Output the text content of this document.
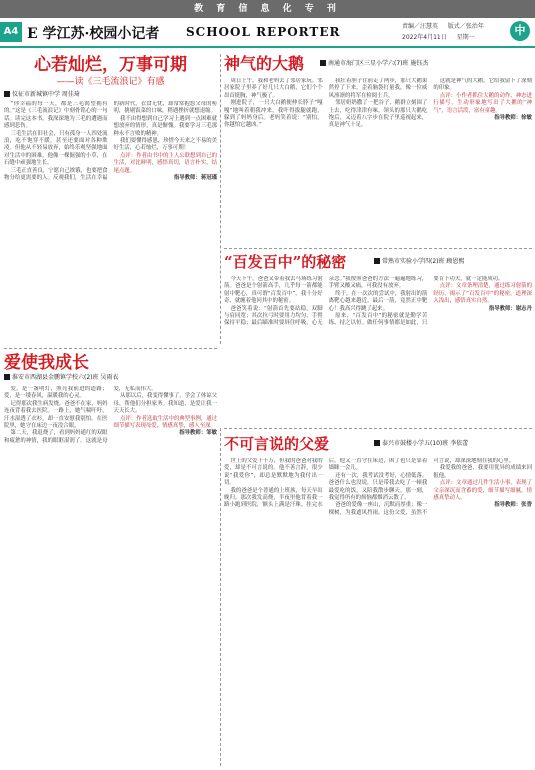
教 育 信 息 化 专 刊
A4 E 学江苏·校园小记者 SCHOOL REPORTER	责编／汪慧英 版式／张治年
2022年4月11日 星期一
中
心若灿烂，万事可期
——读《三毛流浪记》有感
仪征市新城镇中学 周佳琦

“你幸福的每一天，都是三毛渴望拥有的。”这是《三毛流浪记》中刻骨铭心的一句话。读完这本书，我深深地为三毛的遭遇而感到悲伤。

三毛生活在旧社会，只有孤身一人四处流浪，吃不饱穿不暖，甚至还要面对各种欺凌。但他从不轻易放弃，始终乐观坚强地面对生活中的困难。他像一棵倔强的小草，在石缝中顽强地生长。

三毛正直善良，宁愿自己挨饿，也要把食物分给更需要的人。反观我们，生活在幸福的新时代，衣食无忧，却常常抱怨父母的唠叨，挑剔饭菜的口味，稍遇挫折就想退缩。

我不由得想到自己学习上遇到一点困难就想放弃的情形，真是惭愧。我要学习三毛那种永不言败的精神。

我们要懂得感恩，珍惜今天来之不易的美好生活，心若灿烂，万事可期！

点评：作者由书中的主人公联想到自己的生活，对比鲜明，感悟真切，语言朴实，结尾点题。

指导教师：蒋冠瑾

神气的大鹅	南通市海门区三星小学六(7)班 施钰杰

周日上午，我和老妈去了邻居家玩。邻居家院子里养了好几只大白鹅，它们个个昂首挺胸，神气极了。

刚进院子，一只大白鹅便伸长脖子“嘎嘎”地叫着朝我冲来，我吓得拔腿就跑，躲到了妈妈身后。老妈笑着说：“别怕，你越怕它越凶。”

我壮着胆子往前走了两步，那只大鹅果然停了下来，歪着脑袋打量我，像一位威风凛凛的将军在检阅士兵。

邻居奶奶撒了一把谷子，鹅群立刻围了上去，吃得津津有味。领头的那只大鹅吃饱后，又迈着八字步在院子里巡视起来，真是神气十足。

这就是神气的大鹅，它给我留下了深刻的印象。

点评：小作者抓住大鹅的动作、神态进行描写，生动形象地写出了大鹅的“神气”，语言活泼，富有童趣。

指导教师：徐敏

“百发百中”的秘密	常熟市实验小学四(2)班 顾恩熙

今天下午，爸爸又带着我去马场练习射箭。爸爸是个射箭高手，几乎每一箭都能射中靶心，真可谓“百发百中”。我十分好奇，就缠着他问其中的秘密。

爸爸笑着说：“射箭首先要站稳，双脚与肩同宽；其次拉弓时要用力均匀，手臂保持平稳；最后瞄准时要屏住呼吸，心无杂念。”我按照爸爸的方法一遍遍地练习，手臂又酸又痛，可我没有放弃。

终于，在一次次的尝试中，我射出的箭离靶心越来越近。最后一箭，竟然正中靶心！我高兴得跳了起来。

原来，“百发百中”的秘密就是勤学苦练、持之以恒。做任何事情都是如此，只要肯下功夫，就一定能成功。

点评：文章条理清楚，通过练习射箭的经历，揭示了“百发百中”的秘密，道理深入浅出，感悟真实自然。

指导教师：谢志丹

爱使我成长
淮安市西湖县金鹏镇学校六(2)班 吴雨衣

爱，是一盏明灯，照亮我前进的道路；爱，是一缕春风，温暖我的心灵。

记得那次我生病发烧，爸爸不在家，妈妈连夜背着我去医院。一路上，她气喘吁吁，汗水湿透了衣衫，却一直安慰我别怕。在医院里，她守在床边一夜没合眼。

第二天，我退烧了，看到妈妈通红的双眼和疲惫的神情，我的眼眶湿润了。这就是母爱，无私而伟大。

从那以后，我变得懂事了，学会了体谅父母，帮他们分担家务。我知道，是爱让我一天天长大。

点评：作者选取生活中的典型事例，通过细节描写表现母爱，情感真挚，感人至深。

指导教师：邹敏

不可言说的父爱	泰兴市鼓楼小学五(10)班 李依蕾

世上的父爱千千万，但我的爸爸对我的爱，却是不可言说的。他不善言辞，很少说“我爱你”，却总是默默地为我付出一切。

我的爸爸是个普通的上班族，每天早出晚归。那次我发高烧，半夜里他背着我一路小跑到医院，额头上满是汗珠。挂完水后，他又一直守在床边，困了也只是靠着墙眯一会儿。

还有一次，我考试没考好，心情低落。爸爸什么也没说，只是带我去吃了一顿我最爱吃的饭，又陪我散步聊天。那一刻，我觉得所有的烦恼都烟消云散了。

爸爸的爱像一座山，沉默而厚重；像一棵树，为我遮风挡雨。这份父爱，虽然不可言说，却深深地刻在我的心里。

我爱我的爸爸，我要用优异的成绩来回报他。

点评：文章通过几件生活小事，表现了父亲深沉而含蓄的爱，细节描写细腻，情感真挚动人。

指导教师：张香
